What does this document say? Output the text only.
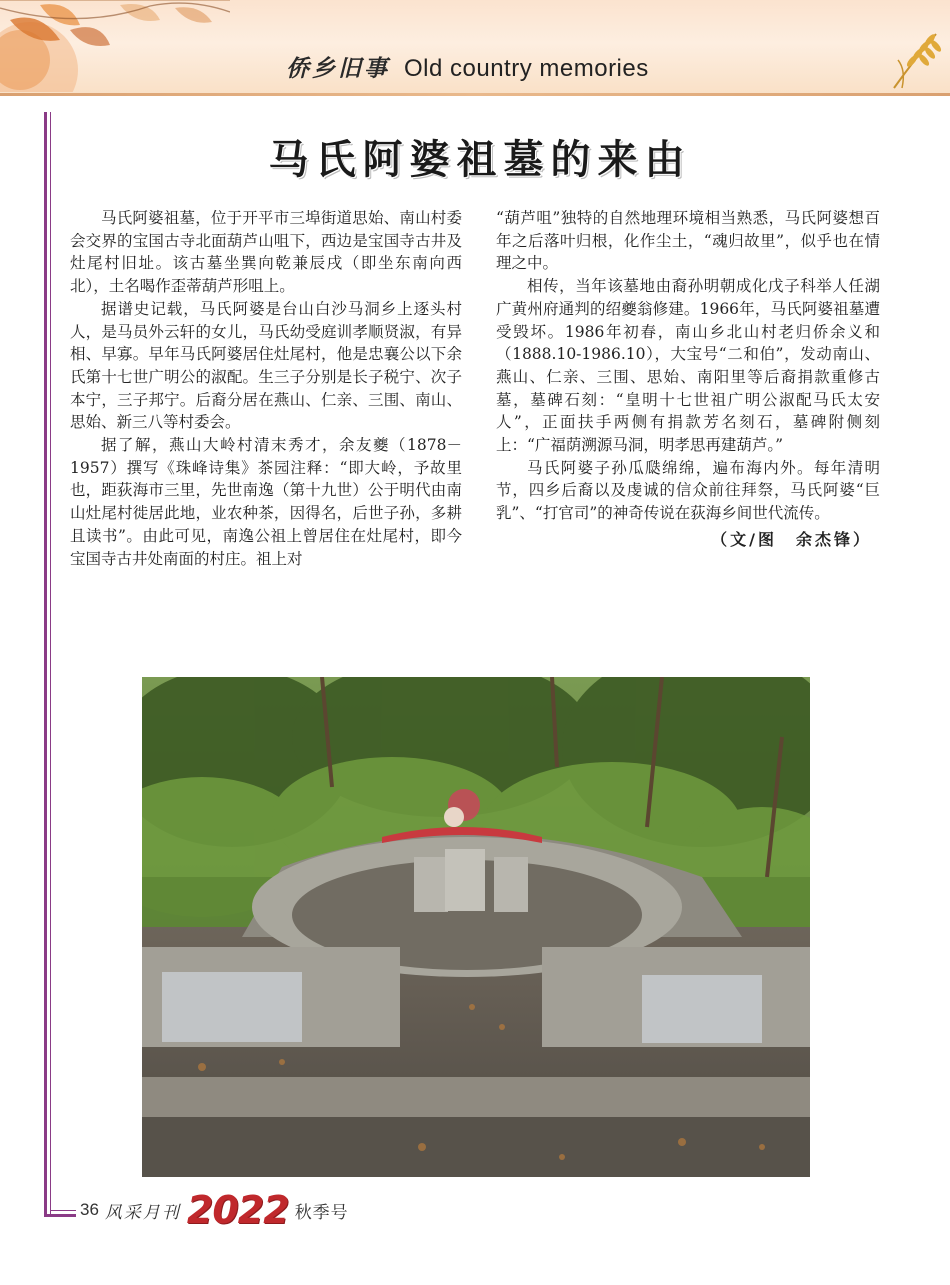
侨乡旧事 Old country memories
马氏阿婆祖墓的来由

马氏阿婆祖墓，位于开平市三埠街道思始、南山村委会交界的宝国古寺北面葫芦山咀下，西边是宝国寺古井及灶尾村旧址。该古墓坐巽向乾兼辰戌（即坐东南向西北），土名喝作歪蒂葫芦形咀上。

据谱史记载，马氏阿婆是台山白沙马洞乡上逐头村人，是马员外云轩的女儿，马氏幼受庭训孝顺贤淑，有异相、早寡。早年马氏阿婆居住灶尾村，他是忠襄公以下余氏第十七世广明公的淑配。生三子分别是长子税宁、次子本宁，三子邦宁。后裔分居在燕山、仁亲、三围、南山、思始、新三八等村委会。

据了解，燕山大岭村清末秀才，余友夔（1878－1957）撰写《珠峰诗集》茶园注释：“即大岭，予故里也，距荻海市三里，先世南逸（第十九世）公于明代由南山灶尾村徙居此地，业农种茶，因得名，后世子孙，多耕且读书”。由此可见，南逸公祖上曾居住在灶尾村，即今宝国寺古井处南面的村庄。祖上对

“葫芦咀”独特的自然地理环境相当熟悉，马氏阿婆想百年之后落叶归根，化作尘土，“魂归故里”，似乎也在情理之中。

相传，当年该墓地由裔孙明朝成化戊子科举人任湖广黄州府通判的绍夔翁修建。1966年，马氏阿婆祖墓遭受毁坏。1986年初春，南山乡北山村老归侨余义和（1888.10-1986.10），大宝号“二和伯”，发动南山、燕山、仁亲、三围、思始、南阳里等后裔捐款重修古墓，墓碑石刻：“皇明十七世祖广明公淑配马氏太安人”，正面扶手两侧有捐款芳名刻石，墓碑附侧刻上：“广福荫溯源马洞，明孝思再建葫芦。”

马氏阿婆子孙瓜瓞绵绵，遍布海内外。每年清明节，四乡后裔以及虔诚的信众前往拜祭，马氏阿婆“巨乳”、“打官司”的神奇传说在荻海乡间世代流传。

（文/图　余杰锋）

36 风采月刊 2022 秋季号
